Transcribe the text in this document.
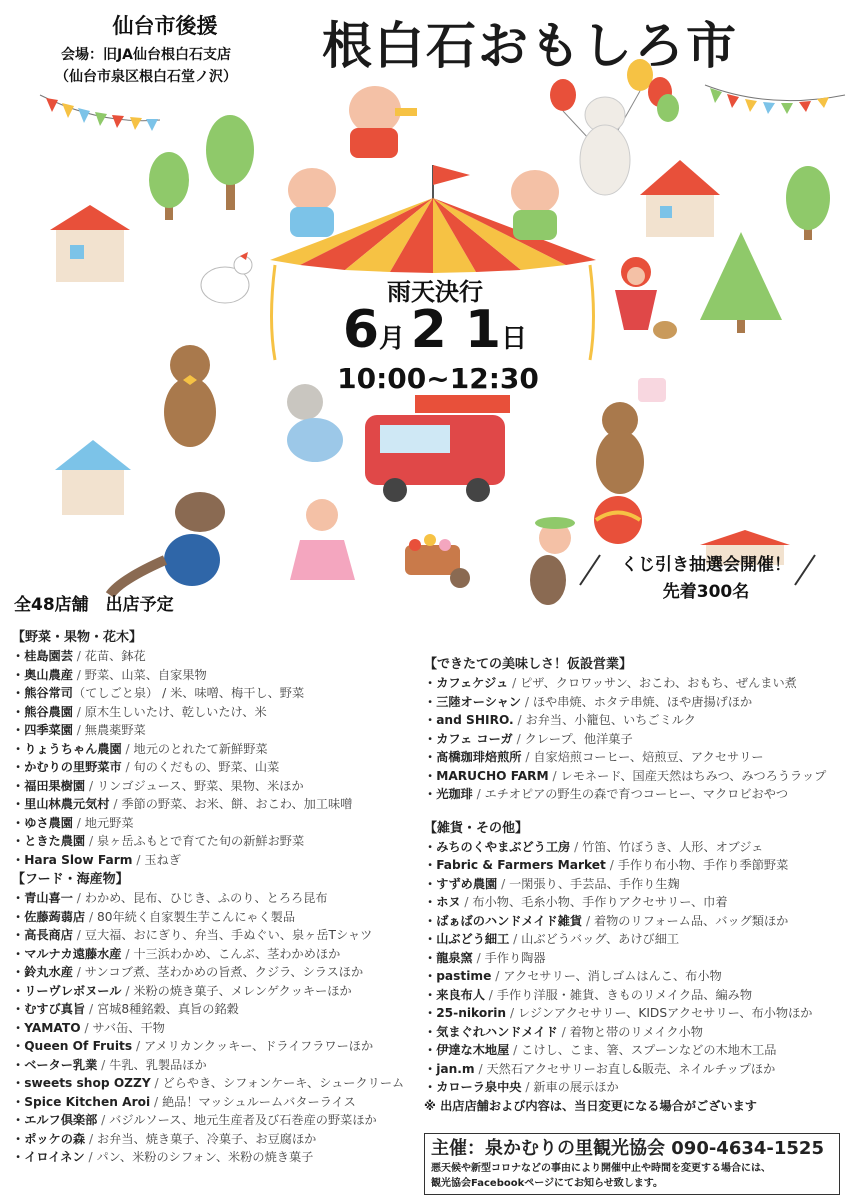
仙台市後援
会場：旧JA仙台根白石支店
（仙台市泉区根白石堂ノ沢）
根白石おもしろ市
雨天決行
6月 2 1日
10:00~12:30
くじ引き抽選会開催！
先着300名
全48店舗　出店予定
【野菜・果物・花木】
・桂島園芸 / 花苗、鉢花
・奥山農産 / 野菜、山菜、自家果物
・熊谷常司（てしごと泉） / 米、味噌、梅干し、野菜
・熊谷農園 / 原木生しいたけ、乾しいたけ、米
・四季菜園 / 無農薬野菜
・りょうちゃん農園 / 地元のとれたて新鮮野菜
・かむりの里野菜市 / 旬のくだもの、野菜、山菜
・福田果樹園 / リンゴジュース、野菜、果物、米ほか
・里山林農元気村 / 季節の野菜、お米、餅、おこわ、加工味噌
・ゆさ農園 / 地元野菜
・ときた農園 / 泉ヶ岳ふもとで育てた旬の新鮮お野菜
・Hara Slow Farm / 玉ねぎ
【フード・海産物】
・青山喜一 / わかめ、昆布、ひじき、ふのり、とろろ昆布
・佐藤蒟蒻店 / 80年続く自家製生芋こんにゃく製品
・高長商店 / 豆大福、おにぎり、弁当、手ぬぐい、泉ヶ岳Tシャツ
・マルナカ遠藤水産 / 十三浜わかめ、こんぶ、茎わかめほか
・鈴丸水産 / サンコブ煮、茎わかめの旨煮、クジラ、シラスほか
・リーヴレボヌール / 米粉の焼き菓子、メレンゲクッキーほか
・むすび真旨 / 宮城8種銘穀、真旨の銘穀
・YAMATO / サバ缶、干物
・Queen Of Fruits / アメリカンクッキー、ドライフラワーほか
・ベーター乳業 / 牛乳、乳製品ほか
・sweets shop OZZY / どらやき、シフォンケーキ、シュークリーム
・Spice Kitchen Aroi / 絶品！マッシュルームバターライス
・エルフ倶楽部 / バジルソース、地元生産者及び石巻産の野菜ほか
・ポッケの森 / お弁当、焼き菓子、冷菓子、お豆腐ほか
・イロイネン / パン、米粉のシフォン、米粉の焼き菓子
【できたての美味しさ！仮設営業】
・カフェケジュ / ピザ、クロワッサン、おこわ、おもち、ぜんまい煮
・三陸オーシャン / ほや串焼、ホタテ串焼、ほや唐揚げほか
・and SHIRO. / お弁当、小籠包、いちごミルク
・カフェ コーガ / クレープ、他洋菓子
・髙橋珈琲焙煎所 / 自家焙煎コーヒー、焙煎豆、アクセサリー
・MARUCHO FARM / レモネード、国産天然はちみつ、みつろうラップ
・光珈琲 / エチオピアの野生の森で育つコーヒー、マクロビおやつ
【雑貨・その他】
・みちのくやまぶどう工房 / 竹笛、竹ぼうき、人形、オブジェ
・Fabric & Farmers Market / 手作り布小物、手作り季節野菜
・すずめ農園 / 一閑張り、手芸品、手作り生麹
・ホヌ / 布小物、毛糸小物、手作りアクセサリー、巾着
・ばぁばのハンドメイド雑貨 / 着物のリフォーム品、バッグ類ほか
・山ぶどう細工 / 山ぶどうバッグ、あけび細工
・龍泉窯 / 手作り陶器
・pastime / アクセサリー、消しゴムはんこ、布小物
・来良布人 / 手作り洋服・雑貨、きものリメイク品、編み物
・25-nikorin / レジンアクセサリー、KIDSアクセサリー、布小物ほか
・気まぐれハンドメイド / 着物と帯のリメイク小物
・伊達な木地屋 / こけし、こま、箸、スプーンなどの木地木工品
・jan.m / 天然石アクセサリーお直し&販売、ネイルチップほか
・カローラ泉中央 / 新車の展示ほか
※ 出店店舗および内容は、当日変更になる場合がございます
主催：泉かむりの里観光協会 090-4634-1525
悪天候や新型コロナなどの事由により開催中止や時間を変更する場合には、
観光協会Facebookページにてお知らせ致します。
